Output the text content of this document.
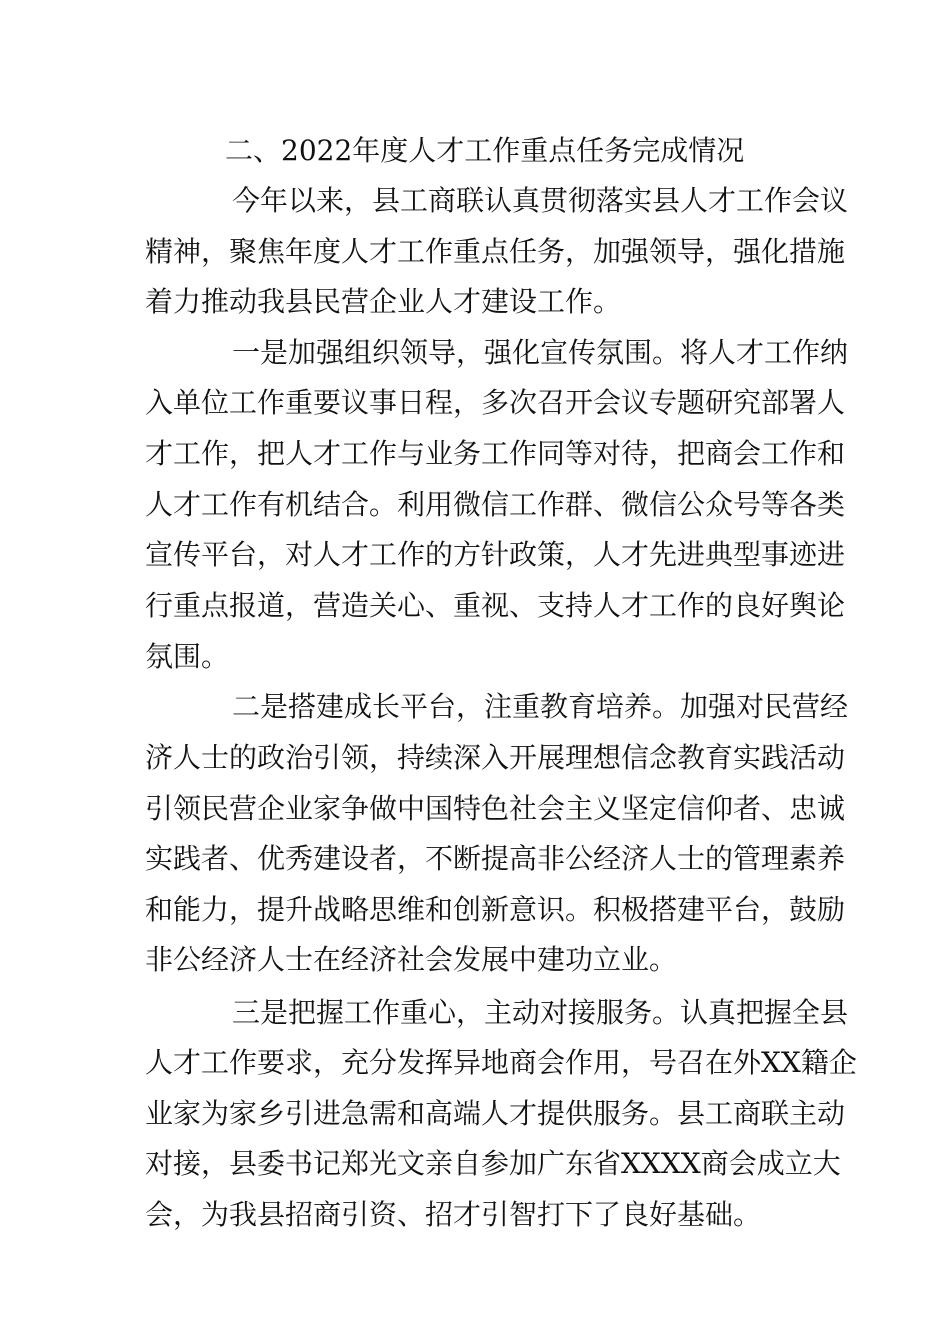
二、2022年度人才工作重点任务完成情况
今年以来，县工商联认真贯彻落实县人才工作会议
精神，聚焦年度人才工作重点任务，加强领导，强化措施
着力推动我县民营企业人才建设工作。
一是加强组织领导，强化宣传氛围。将人才工作纳
入单位工作重要议事日程，多次召开会议专题研究部署人
才工作，把人才工作与业务工作同等对待，把商会工作和
人才工作有机结合。利用微信工作群、微信公众号等各类
宣传平台，对人才工作的方针政策，人才先进典型事迹进
行重点报道，营造关心、重视、支持人才工作的良好舆论
氛围。
二是搭建成长平台，注重教育培养。加强对民营经
济人士的政治引领，持续深入开展理想信念教育实践活动
引领民营企业家争做中国特色社会主义坚定信仰者、忠诚
实践者、优秀建设者，不断提高非公经济人士的管理素养
和能力，提升战略思维和创新意识。积极搭建平台，鼓励
非公经济人士在经济社会发展中建功立业。
三是把握工作重心，主动对接服务。认真把握全县
人才工作要求，充分发挥异地商会作用，号召在外XX籍企
业家为家乡引进急需和高端人才提供服务。县工商联主动
对接，县委书记郑光文亲自参加广东省XXXX商会成立大
会，为我县招商引资、招才引智打下了良好基础。
